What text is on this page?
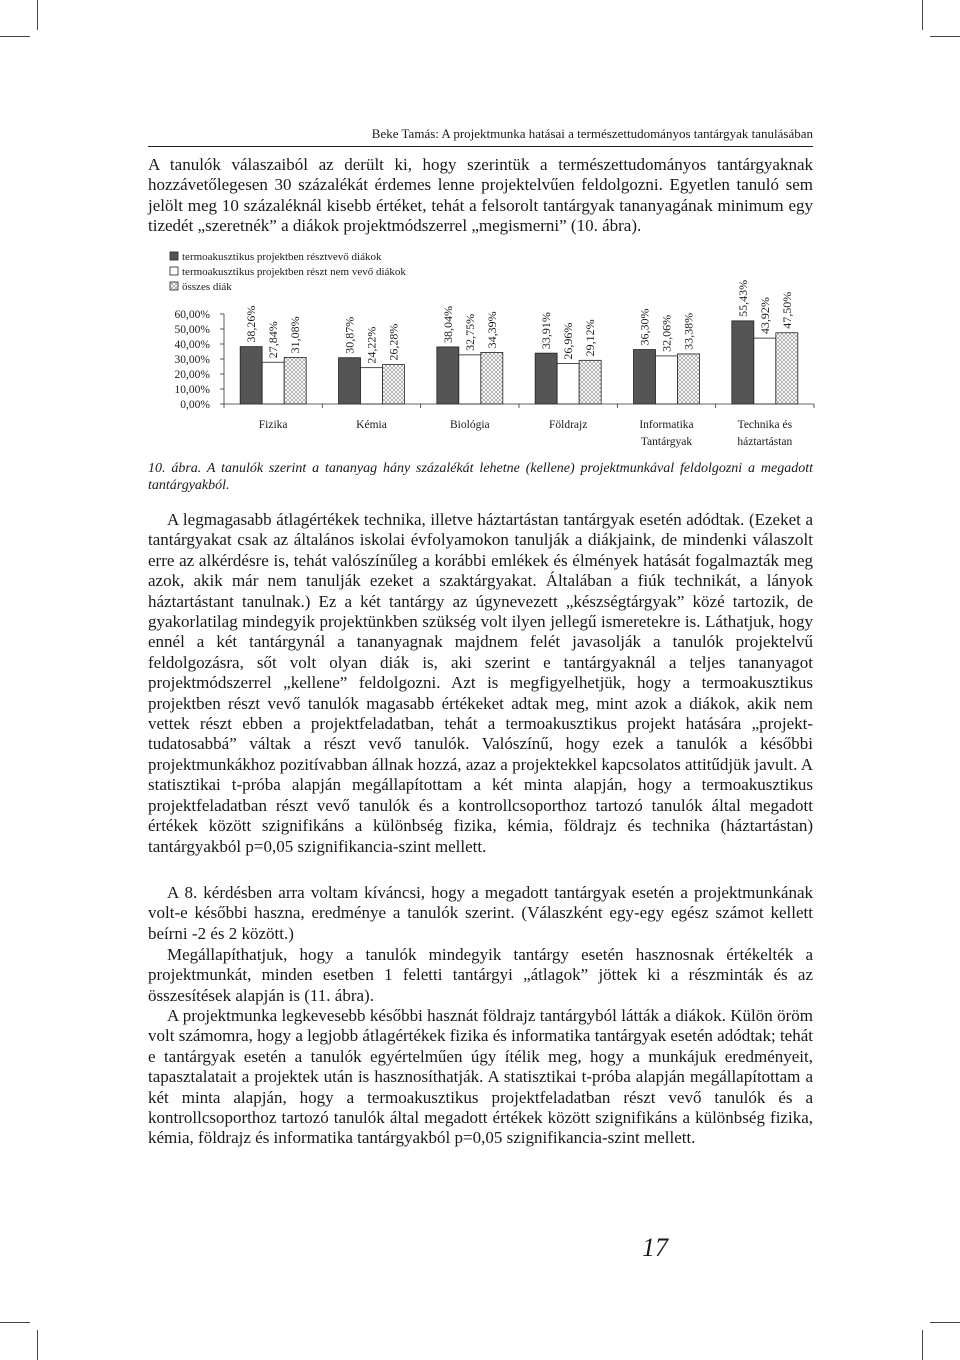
Beke Tamás: A projektmunka hatásai a természettudományos tantárgyak tanulásában

A tanulók válaszaiból az derült ki, hogy szerintük a természettudományos tantárgyaknak hozzávetőlegesen 30 százalékát érdemes lenne projektelvűen feldolgozni. Egyetlen tanuló sem jelölt meg 10 százaléknál kisebb értéket, tehát a felsorolt tantárgyak tananyagának minimum egy tizedét „szeretnék” a diákok projektmódszerrel „megismerni” (10. ábra).

termoakusztikus projektben résztvevő diákok
termoakusztikus projektben részt nem vevő diákok
összes diák
60,00%
50,00%
40,00%
30,00%
20,00%
10,00%
0,00%
38,26% 27,84% 31,08%	30,87% 24,22% 26,28%	38,04% 32,75% 34,39%	33,91% 26,96% 29,12%	36,30% 32,06% 33,38%
55,43% 43,92% 47,50%
Fizika	Kémia	Biológia	Földrajz	Informatika
Tantárgyak
Technika és
háztartástan

10. ábra. A tanulók szerint a tananyag hány százalékát lehetne (kellene) projektmunkával feldolgozni a megadott tantárgyakból.

A legmagasabb átlagértékek technika, illetve háztartástan tantárgyak esetén adódtak. (Ezeket a tantárgyakat csak az általános iskolai évfolyamokon tanulják a diákjaink, de mindenki válaszolt erre az alkérdésre is, tehát valószínűleg a korábbi emlékek és élmények hatását fogalmazták meg azok, akik már nem tanulják ezeket a szaktárgyakat. Általában a fiúk technikát, a lányok háztartástant tanulnak.) Ez a két tantárgy az úgynevezett „készségtárgyak” közé tartozik, de gyakorlatilag mindegyik projektünkben szükség volt ilyen jellegű ismeretekre is. Láthatjuk, hogy ennél a két tantárgynál a tananyagnak majdnem felét javasolják a tanulók projektelvű feldolgozásra, sőt volt olyan diák is, aki szerint e tantárgyaknál a teljes tananyagot projektmódszerrel „kellene” feldolgozni. Azt is megfigyelhetjük, hogy a termoakusztikus projektben részt vevő tanulók magasabb értékeket adtak meg, mint azok a diákok, akik nem vettek részt ebben a projektfeladatban, tehát a termoakusztikus projekt hatására „projekt-tudatosabbá” váltak a részt vevő tanulók. Valószínű, hogy ezek a tanulók a későbbi projektmunkákhoz pozitívabban állnak hozzá, azaz a projektekkel kapcsolatos attitűdjük javult. A statisztikai t-próba alapján megállapítottam a két minta alapján, hogy a termoakusztikus projektfeladatban részt vevő tanulók és a kontrollcsoporthoz tartozó tanulók által megadott értékek között szignifikáns a különbség fizika, kémia, földrajz és technika (háztartástan) tantárgyakból p=0,05 szignifikancia-szint mellett.

A 8. kérdésben arra voltam kíváncsi, hogy a megadott tantárgyak esetén a projektmunkának volt-e későbbi haszna, eredménye a tanulók szerint. (Válaszként egy-egy egész számot kellett beírni -2 és 2 között.)

Megállapíthatjuk, hogy a tanulók mindegyik tantárgy esetén hasznosnak értékelték a projektmunkát, minden esetben 1 feletti tantárgyi „átlagok” jöttek ki a részminták és az összesítések alapján is (11. ábra).

A projektmunka legkevesebb későbbi hasznát földrajz tantárgyból látták a diákok. Külön öröm volt számomra, hogy a legjobb átlagértékek fizika és informatika tantárgyak esetén adódtak; tehát e tantárgyak esetén a tanulók egyértelműen úgy ítélik meg, hogy a munkájuk eredményeit, tapasztalatait a projektek után is hasznosíthatják. A statisztikai t-próba alapján megállapítottam a két minta alapján, hogy a termoakusztikus projektfeladatban részt vevő tanulók és a kontrollcsoporthoz tartozó tanulók által megadott értékek között szignifikáns a különbség fizika, kémia, földrajz és informatika tantárgyakból p=0,05 szignifikancia-szint mellett.

17
